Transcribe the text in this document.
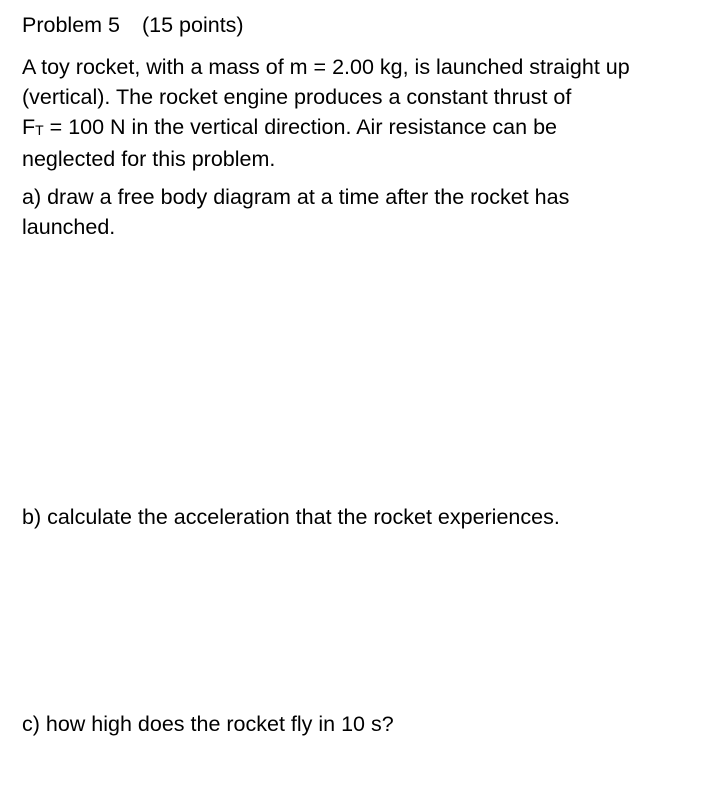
Problem 5 (15 points)
A toy rocket, with a mass of m = 2.00 kg, is launched straight up
(vertical). The rocket engine produces a constant thrust of
FT = 100 N in the vertical direction. Air resistance can be
neglected for this problem.
a) draw a free body diagram at a time after the rocket has
launched.
b) calculate the acceleration that the rocket experiences.
c) how high does the rocket fly in 10 s?
